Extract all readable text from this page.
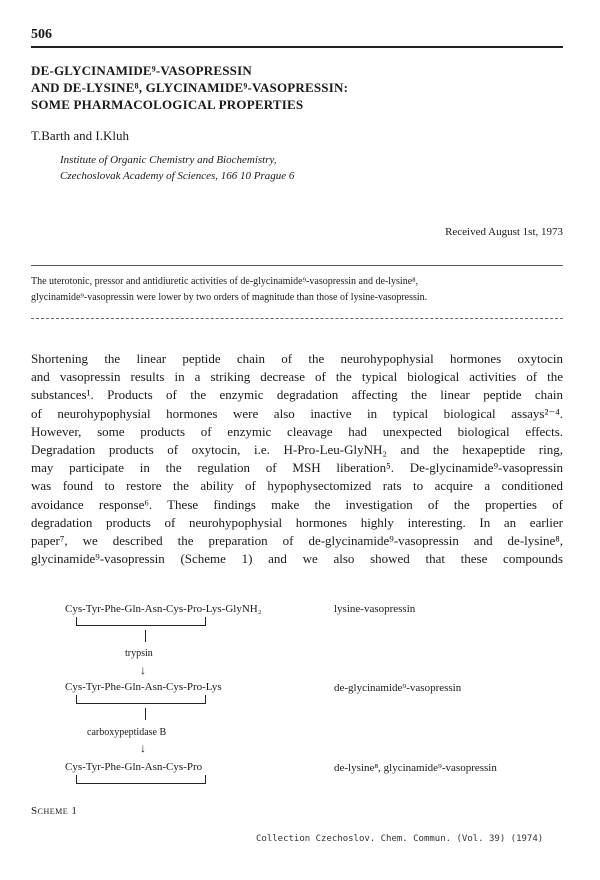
506
DE-GLYCINAMIDE⁹-VASOPRESSIN
AND DE-LYSINE⁸, GLYCINAMIDE⁹-VASOPRESSIN:
SOME PHARMACOLOGICAL PROPERTIES
T.Barth and I.Kluh
Institute of Organic Chemistry and Biochemistry,
Czechoslovak Academy of Sciences, 166 10 Prague 6
Received August 1st, 1973
The uterotonic, pressor and antidiuretic activities of de-glycinamide⁹-vasopressin and de-lysine⁸,
glycinamide⁹-vasopressin were lower by two orders of magnitude than those of lysine-vasopressin.
Shortening the linear peptide chain of the neurohypophysial hormones oxytocin
and vasopressin results in a striking decrease of the typical biological activities of the
substances¹. Products of the enzymic degradation affecting the linear peptide chain
of neurohypophysial hormones were also inactive in typical biological assays²⁻⁴.
However, some products of enzymic cleavage had unexpected biological effects.
Degradation products of oxytocin, i.e. H-Pro-Leu-GlyNH₂ and the hexapeptide ring,
may participate in the regulation of MSH liberation⁵. De-glycinamide⁹-vasopressin
was found to restore the ability of hypophysectomized rats to acquire a conditioned
avoidance response⁶. These findings make the investigation of the properties of
degradation products of neurohypophysial hormones highly interesting. In an earlier
paper⁷, we described the preparation of de-glycinamide⁹-vasopressin and de-lysine⁸,
glycinamide⁹-vasopressin (Scheme 1) and we also showed that these compounds
Cys-Tyr-Phe-Gln-Asn-Cys-Pro-Lys-GlyNH₂	lysine-vasopressin
trypsin
↓
Cys-Tyr-Phe-Gln-Asn-Cys-Pro-Lys	de-glycinamide⁹-vasopressin
carboxypeptidase B
↓
Cys-Tyr-Phe-Gln-Asn-Cys-Pro	de-lysine⁸, glycinamide⁹-vasopressin
Scheme 1
Collection Czechoslov. Chem. Commun. (Vol. 39) (1974)
